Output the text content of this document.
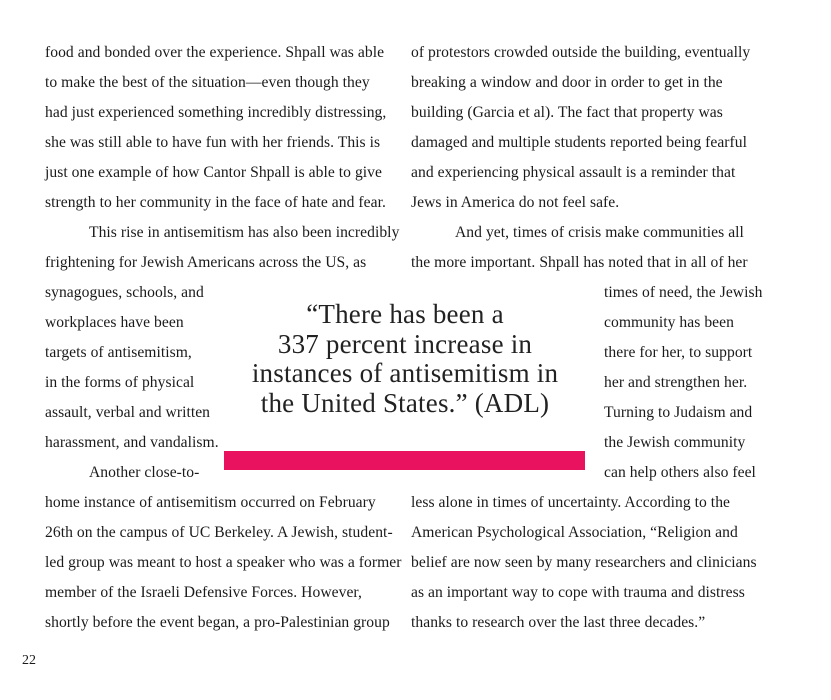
food and bonded over the experience. Shpall was able
to make the best of the situation—even though they
had just experienced something incredibly distressing,
she was still able to have fun with her friends. This is
just one example of how Cantor Shpall is able to give
strength to her community in the face of hate and fear.
This rise in antisemitism has also been incredibly
frightening for Jewish Americans across the US, as
synagogues, schools, and
workplaces have been
targets of antisemitism,
in the forms of physical
assault, verbal and written
harassment, and vandalism.
Another close-to-
home instance of antisemitism occurred on February
26th on the campus of UC Berkeley. A Jewish, student-
led group was meant to host a speaker who was a former
member of the Israeli Defensive Forces. However,
shortly before the event began, a pro-Palestinian group
of protestors crowded outside the building, eventually
breaking a window and door in order to get in the
building (Garcia et al). The fact that property was
damaged and multiple students reported being fearful
and experiencing physical assault is a reminder that
Jews in America do not feel safe.
And yet, times of crisis make communities all
the more important. Shpall has noted that in all of her
times of need, the Jewish
community has been
there for her, to support
her and strengthen her.
Turning to Judaism and
the Jewish community
can help others also feel
less alone in times of uncertainty. According to the
American Psychological Association, “Religion and
belief are now seen by many researchers and clinicians
as an important way to cope with trauma and distress
thanks to research over the last three decades.”
“There has been a
337 percent increase in
instances of antisemitism in
the United States.” (ADL)
22
